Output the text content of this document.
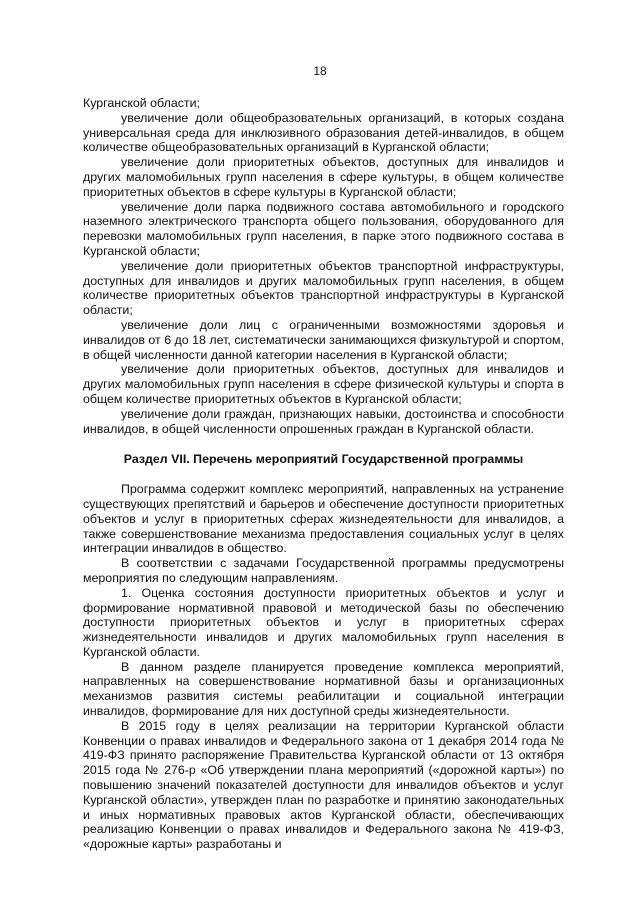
18

Курганской области;

увеличение доли общеобразовательных организаций, в которых создана универсальная среда для инклюзивного образования детей-инвалидов, в общем количестве общеобразовательных организаций в Курганской области;

увеличение доли приоритетных объектов, доступных для инвалидов и других маломобильных групп населения в сфере культуры, в общем количестве приоритетных объектов в сфере культуры в Курганской области;

увеличение доли парка подвижного состава автомобильного и городского наземного электрического транспорта общего пользования, оборудованного для перевозки маломобильных групп населения, в парке этого подвижного состава в Курганской области;

увеличение доли приоритетных объектов транспортной инфраструктуры, доступных для инвалидов и других маломобильных групп населения, в общем количестве приоритетных объектов транспортной инфраструктуры в Курганской области;

увеличение доли лиц с ограниченными возможностями здоровья и инвалидов от 6 до 18 лет, систематически занимающихся физкультурой и спортом, в общей численности данной категории населения в Курганской области;

увеличение доли приоритетных объектов, доступных для инвалидов и других маломобильных групп населения в сфере физической культуры и спорта в общем количестве приоритетных объектов в Курганской области;

увеличение доли граждан, признающих навыки, достоинства и способности инвалидов, в общей численности опрошенных граждан в Курганской области.

Раздел VII. Перечень мероприятий Государственной программы

Программа содержит комплекс мероприятий, направленных на устранение существующих препятствий и барьеров и обеспечение доступности приоритетных объектов и услуг в приоритетных сферах жизнедеятельности для инвалидов, а также совершенствование механизма предоставления социальных услуг в целях интеграции инвалидов в общество.

В соответствии с задачами Государственной программы предусмотрены мероприятия по следующим направлениям.

1. Оценка состояния доступности приоритетных объектов и услуг и формирование нормативной правовой и методической базы по обеспечению доступности приоритетных объектов и услуг в приоритетных сферах жизнедеятельности инвалидов и других маломобильных групп населения в Курганской области.

В данном разделе планируется проведение комплекса мероприятий, направленных на совершенствование нормативной базы и организационных механизмов развития системы реабилитации и социальной интеграции инвалидов, формирование для них доступной среды жизнедеятельности.

В 2015 году в целях реализации на территории Курганской области Конвенции о правах инвалидов и Федерального закона от 1 декабря 2014 года № 419-ФЗ принято распоряжение Правительства Курганской области от 13 октября 2015 года № 276-р «Об утверждении плана мероприятий («дорожной карты») по повышению значений показателей доступности для инвалидов объектов и услуг Курганской области», утвержден план по разработке и принятию законодательных и иных нормативных правовых актов Курганской области, обеспечивающих реализацию Конвенции о правах инвалидов и Федерального закона № 419-ФЗ, «дорожные карты» разработаны и
